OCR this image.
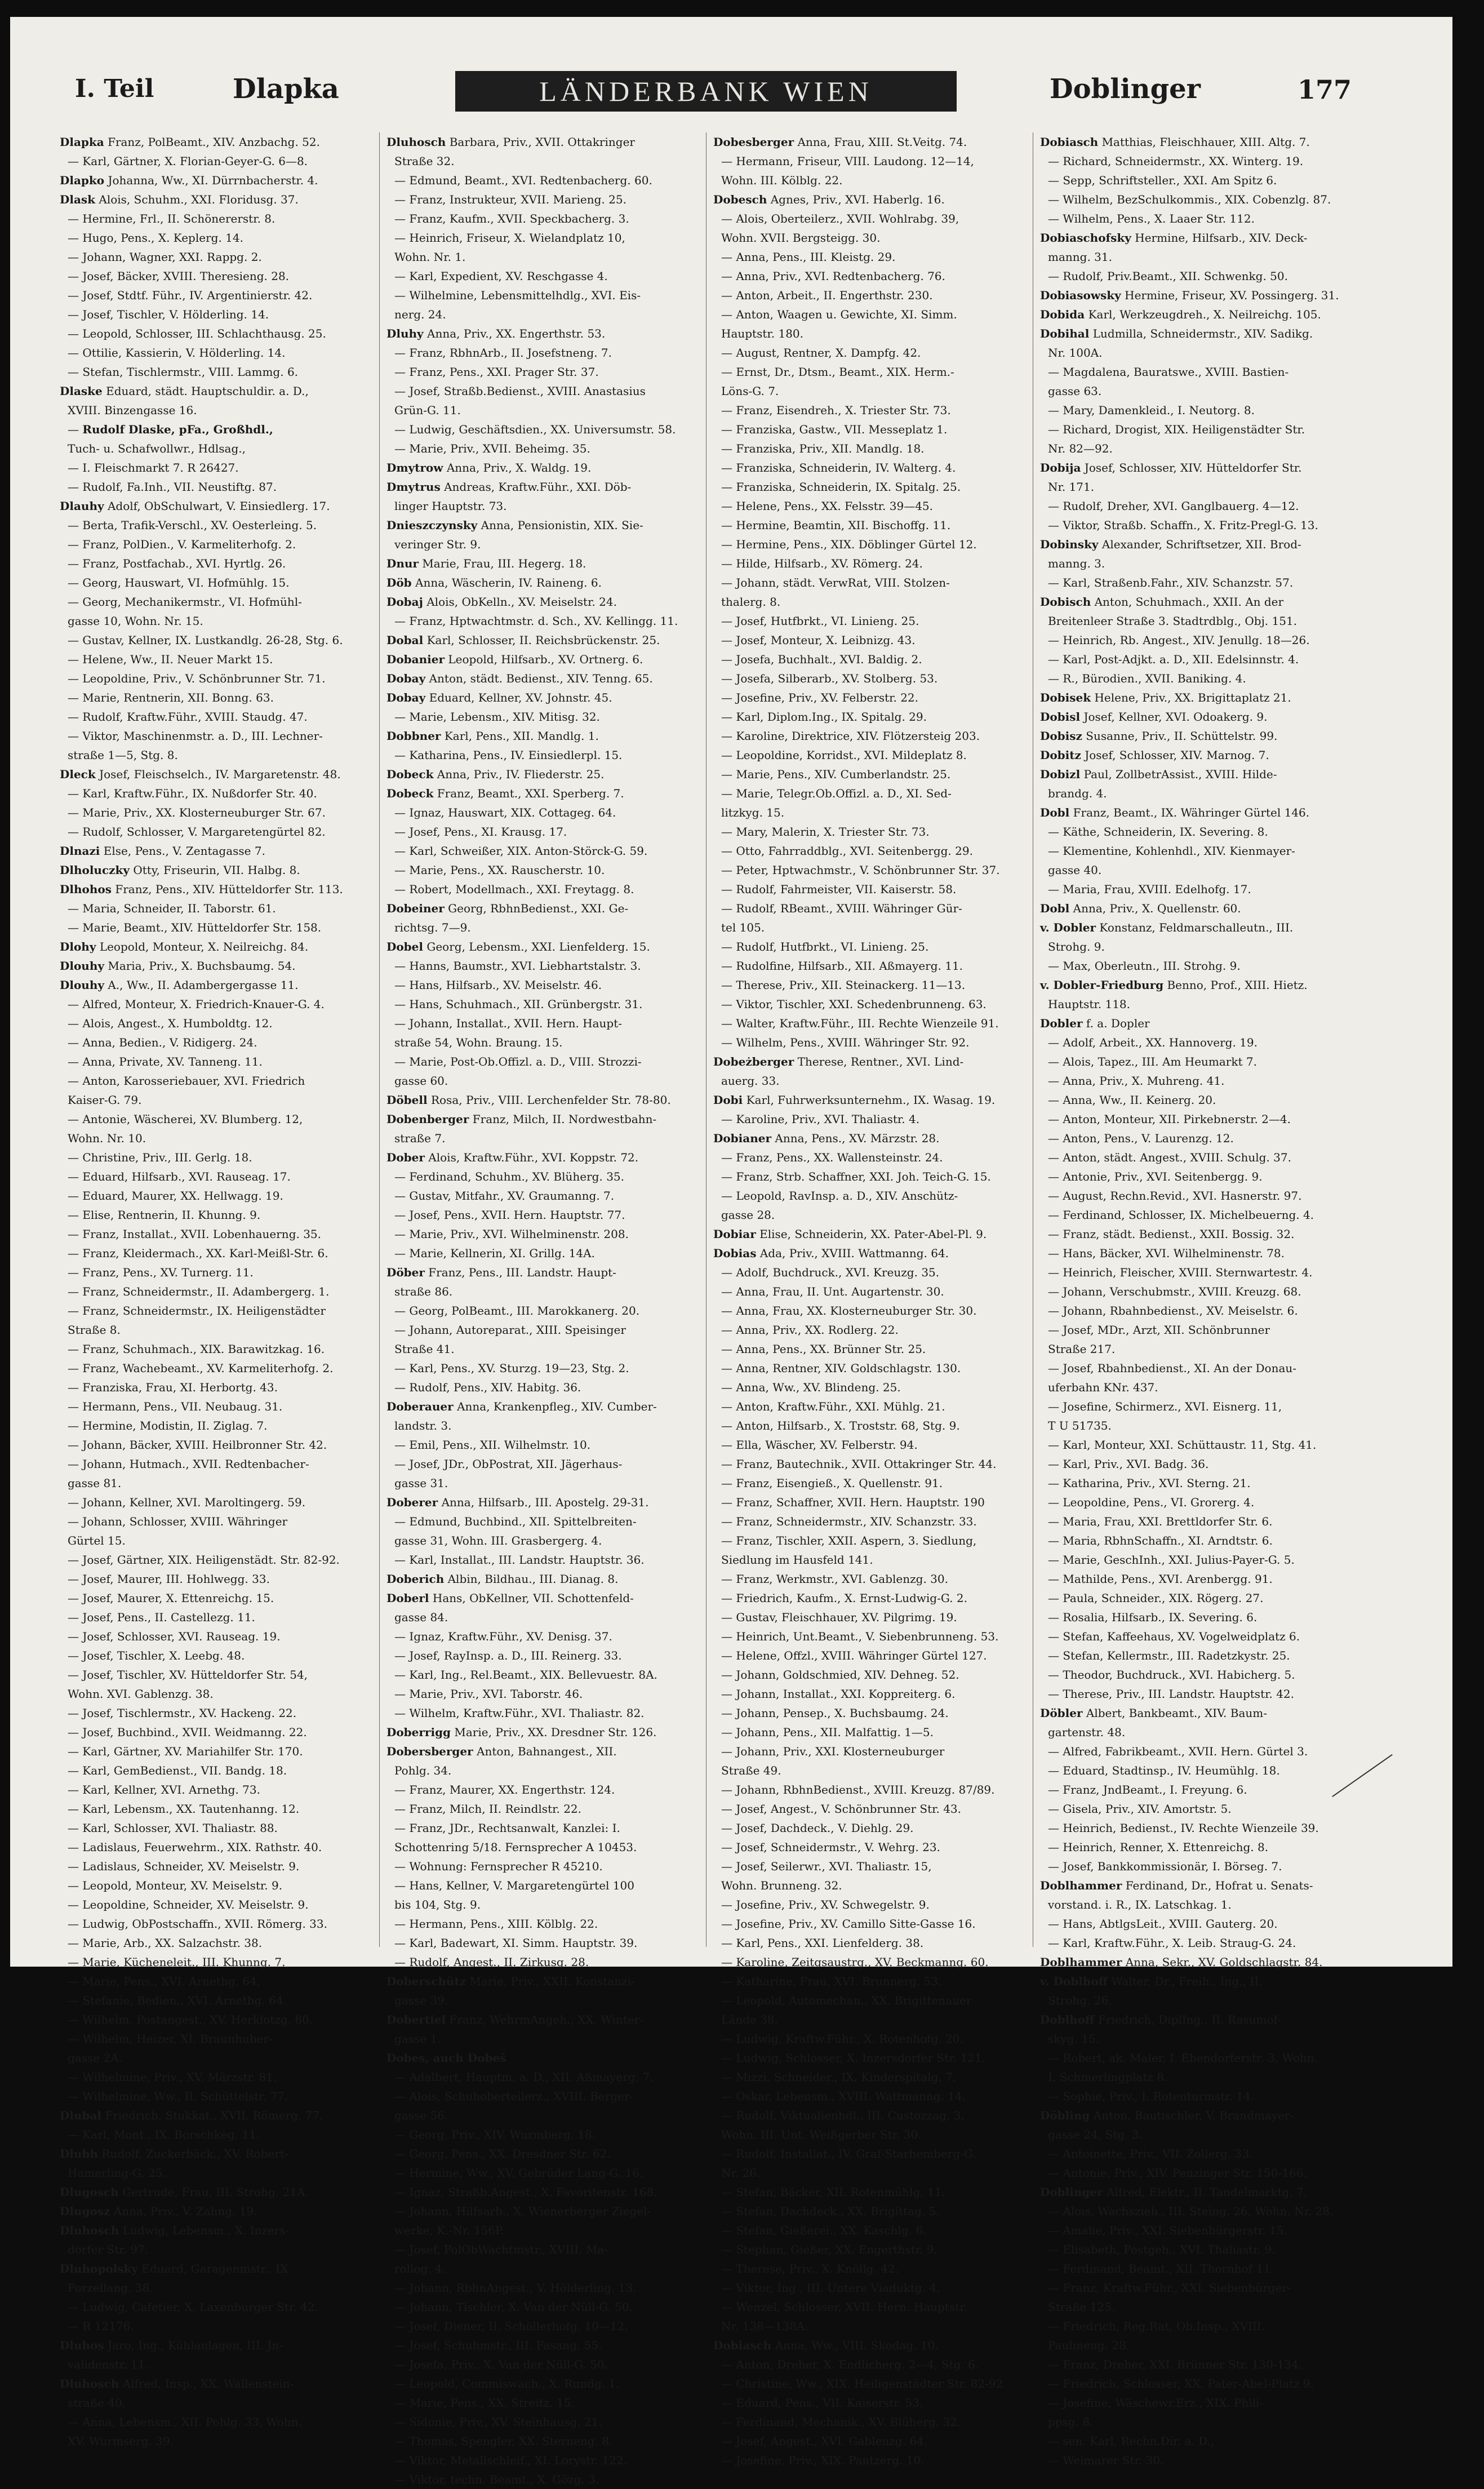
I. Teil	Dlapka	LÄNDERBANK WIEN	Doblinger	177

Dlapka Franz, PolBeamt., XIV. Anzbachg. 52.

— Karl, Gärtner, X. Florian-Geyer-G. 6—8.

Dlapko Johanna, Ww., XI. Dürrnbacherstr. 4.

Dlask Alois, Schuhm., XXI. Floridusg. 37.

— Hermine, Frl., II. Schönererstr. 8.

— Hugo, Pens., X. Keplerg. 14.

— Johann, Wagner, XXI. Rappg. 2.

— Josef, Bäcker, XVIII. Theresieng. 28.

— Josef, Stdtf. Führ., IV. Argentinierstr. 42.

— Josef, Tischler, V. Hölderling. 14.

— Leopold, Schlosser, III. Schlachthausg. 25.

— Ottilie, Kassierin, V. Hölderling. 14.

— Stefan, Tischlermstr., VIII. Lammg. 6.

Dlaske Eduard, städt. Hauptschuldir. a. D.,

XVIII. Binzengasse 16.

— Rudolf Dlaske, pFa., Großhdl.,

Tuch- u. Schafwollwr., Hdlsag.,

— I. Fleischmarkt 7. R 26427.

— Rudolf, Fa.Inh., VII. Neustiftg. 87.

Dlauhy Adolf, ObSchulwart, V. Einsiedlerg. 17.

— Berta, Trafik-Verschl., XV. Oesterleing. 5.

— Franz, PolDien., V. Karmeliterhofg. 2.

— Franz, Postfachab., XVI. Hyrtlg. 26.

— Georg, Hauswart, VI. Hofmühlg. 15.

— Georg, Mechanikermstr., VI. Hofmühl-

gasse 10, Wohn. Nr. 15.

— Gustav, Kellner, IX. Lustkandlg. 26-28, Stg. 6.

— Helene, Ww., II. Neuer Markt 15.

— Leopoldine, Priv., V. Schönbrunner Str. 71.

— Marie, Rentnerin, XII. Bonng. 63.

— Rudolf, Kraftw.Führ., XVIII. Staudg. 47.

— Viktor, Maschinenmstr. a. D., III. Lechner-

straße 1—5, Stg. 8.

Dleck Josef, Fleischselch., IV. Margaretenstr. 48.

— Karl, Kraftw.Führ., IX. Nußdorfer Str. 40.

— Marie, Priv., XX. Klosterneuburger Str. 67.

— Rudolf, Schlosser, V. Margaretengürtel 82.

Dlnazi Else, Pens., V. Zentagasse 7.

Dlholuczky Otty, Friseurin, VII. Halbg. 8.

Dlhohos Franz, Pens., XIV. Hütteldorfer Str. 113.

— Maria, Schneider, II. Taborstr. 61.

— Marie, Beamt., XIV. Hütteldorfer Str. 158.

Dlohy Leopold, Monteur, X. Neilreichg. 84.

Dlouhy Maria, Priv., X. Buchsbaumg. 54.

Dlouhy A., Ww., II. Adambergergasse 11.

— Alfred, Monteur, X. Friedrich-Knauer-G. 4.

— Alois, Angest., X. Humboldtg. 12.

— Anna, Bedien., V. Ridigerg. 24.

— Anna, Private, XV. Tanneng. 11.

— Anton, Karosseriebauer, XVI. Friedrich

Kaiser-G. 79.

— Antonie, Wäscherei, XV. Blumberg. 12,

Wohn. Nr. 10.

— Christine, Priv., III. Gerlg. 18.

— Eduard, Hilfsarb., XVI. Rauseag. 17.

— Eduard, Maurer, XX. Hellwagg. 19.

— Elise, Rentnerin, II. Khunng. 9.

— Franz, Installat., XVII. Lobenhauerng. 35.

— Franz, Kleidermach., XX. Karl-Meißl-Str. 6.

— Franz, Pens., XV. Turnerg. 11.

— Franz, Schneidermstr., II. Adambergerg. 1.

— Franz, Schneidermstr., IX. Heiligenstädter

Straße 8.

— Franz, Schuhmach., XIX. Barawitzkag. 16.

— Franz, Wachebeamt., XV. Karmeliterhofg. 2.

— Franziska, Frau, XI. Herbortg. 43.

— Hermann, Pens., VII. Neubaug. 31.

— Hermine, Modistin, II. Ziglag. 7.

— Johann, Bäcker, XVIII. Heilbronner Str. 42.

— Johann, Hutmach., XVII. Redtenbacher-

gasse 81.

— Johann, Kellner, XVI. Maroltingerg. 59.

— Johann, Schlosser, XVIII. Währinger

Gürtel 15.

— Josef, Gärtner, XIX. Heiligenstädt. Str. 82-92.

— Josef, Maurer, III. Hohlwegg. 33.

— Josef, Maurer, X. Ettenreichg. 15.

— Josef, Pens., II. Castellezg. 11.

— Josef, Schlosser, XVI. Rauseag. 19.

— Josef, Tischler, X. Leebg. 48.

— Josef, Tischler, XV. Hütteldorfer Str. 54,

Wohn. XVI. Gablenzg. 38.

— Josef, Tischlermstr., XV. Hackeng. 22.

— Josef, Buchbind., XVII. Weidmanng. 22.

— Karl, Gärtner, XV. Mariahilfer Str. 170.

— Karl, GemBedienst., VII. Bandg. 18.

— Karl, Kellner, XVI. Arnethg. 73.

— Karl, Lebensm., XX. Tautenhanng. 12.

— Karl, Schlosser, XVI. Thaliastr. 88.

— Ladislaus, Feuerwehrm., XIX. Rathstr. 40.

— Ladislaus, Schneider, XV. Meiselstr. 9.

— Leopold, Monteur, XV. Meiselstr. 9.

— Leopoldine, Schneider, XV. Meiselstr. 9.

— Ludwig, ObPostschaffn., XVII. Römerg. 33.

— Marie, Arb., XX. Salzachstr. 38.

— Marie, Kücheneleit., III. Khunng. 7.

— Marie, Pens., XVI. Arnethg. 64.

— Stefanie, Bedien., XVI. Arnethg. 64.

— Wilhelm, Postangest., XV. Herklotzg. 80.

— Wilhelm, Heizer, XI. Braunhuber-

gasse 2A.

— Wilhelmine, Priv., XV. Märzstr. 81.

— Wilhelmine, Ww., II. Schüttelstr. 77.

Dlubal Friedrich, Stukkat., XVII. Römerg. 77.

— Karl, Mont., IX. Borschkeg. 11.

Dlubh Rudolf, Zuckerbäck., XV. Robert-

Hamerling-G. 25.

Dlugosch Gertrude, Frau, III. Strohg. 21A.

Dlugosz Anna, Priv., V. Zahng. 19.

Dluhosch Ludwig, Lebensm., X. Inzers-

dorfer Str. 97.

Dluhopolsky Eduard, Garagenmstr., IX.

Porzellang. 38.

— Ludwig, Cafetier, X. Laxenburger Str. 42.

— R 12176.

Dluhos Jaro, Ing., Kühlanlagen, III. Jn-

validenstr. 11.

Dluhosch Alfred, Insp., XX. Wallenstein-

straße 40.

— Anna, Lebensm., XII. Pohlg. 33, Wohn.

XV. Wurmserg. 39.

Dluhosch Barbara, Priv., XVII. Ottakringer

Straße 32.

— Edmund, Beamt., XVI. Redtenbacherg. 60.

— Franz, Instrukteur, XVII. Marieng. 25.

— Franz, Kaufm., XVII. Speckbacherg. 3.

— Heinrich, Friseur, X. Wielandplatz 10,

Wohn. Nr. 1.

— Karl, Expedient, XV. Reschgasse 4.

— Wilhelmine, Lebensmittelhdlg., XVI. Eis-

nerg. 24.

Dluhy Anna, Priv., XX. Engerthstr. 53.

— Franz, RbhnArb., II. Josefstneng. 7.

— Franz, Pens., XXI. Prager Str. 37.

— Josef, Straßb.Bedienst., XVIII. Anastasius

Grün-G. 11.

— Ludwig, Geschäftsdien., XX. Universumstr. 58.

— Marie, Priv., XVII. Beheimg. 35.

Dmytrow Anna, Priv., X. Waldg. 19.

Dmytrus Andreas, Kraftw.Führ., XXI. Döb-

linger Hauptstr. 73.

Dnieszczynsky Anna, Pensionistin, XIX. Sie-

veringer Str. 9.

Dnur Marie, Frau, III. Hegerg. 18.

Döb Anna, Wäscherin, IV. Raineng. 6.

Dobaj Alois, ObKelln., XV. Meiselstr. 24.

— Franz, Hptwachtmstr. d. Sch., XV. Kellingg. 11.

Dobal Karl, Schlosser, II. Reichsbrückenstr. 25.

Dobanier Leopold, Hilfsarb., XV. Ortnerg. 6.

Dobay Anton, städt. Bedienst., XIV. Tenng. 65.

Dobay Eduard, Kellner, XV. Johnstr. 45.

— Marie, Lebensm., XIV. Mitisg. 32.

Dobbner Karl, Pens., XII. Mandlg. 1.

— Katharina, Pens., IV. Einsiedlerpl. 15.

Dobeck Anna, Priv., IV. Fliederstr. 25.

Dobeck Franz, Beamt., XXI. Sperberg. 7.

— Ignaz, Hauswart, XIX. Cottageg. 64.

— Josef, Pens., XI. Krausg. 17.

— Karl, Schweißer, XIX. Anton-Störck-G. 59.

— Marie, Pens., XX. Rauscherstr. 10.

— Robert, Modellmach., XXI. Freytagg. 8.

Dobeiner Georg, RbhnBedienst., XXI. Ge-

richtsg. 7—9.

Dobel Georg, Lebensm., XXI. Lienfelderg. 15.

— Hanns, Baumstr., XVI. Liebhartstalstr. 3.

— Hans, Hilfsarb., XV. Meiselstr. 46.

— Hans, Schuhmach., XII. Grünbergstr. 31.

— Johann, Installat., XVII. Hern. Haupt-

straße 54, Wohn. Braung. 15.

— Marie, Post-Ob.Offizl. a. D., VIII. Strozzi-

gasse 60.

Döbell Rosa, Priv., VIII. Lerchenfelder Str. 78-80.

Dobenberger Franz, Milch, II. Nordwestbahn-

straße 7.

Dober Alois, Kraftw.Führ., XVI. Koppstr. 72.

— Ferdinand, Schuhm., XV. Blüherg. 35.

— Gustav, Mitfahr., XV. Graumanng. 7.

— Josef, Pens., XVII. Hern. Hauptstr. 77.

— Marie, Priv., XVI. Wilhelminenstr. 208.

— Marie, Kellnerin, XI. Grillg. 14A.

Döber Franz, Pens., III. Landstr. Haupt-

straße 86.

— Georg, PolBeamt., III. Marokkanerg. 20.

— Johann, Autoreparat., XIII. Speisinger

Straße 41.

— Karl, Pens., XV. Sturzg. 19—23, Stg. 2.

— Rudolf, Pens., XIV. Habitg. 36.

Doberauer Anna, Krankenpfleg., XIV. Cumber-

landstr. 3.

— Emil, Pens., XII. Wilhelmstr. 10.

— Josef, JDr., ObPostrat, XII. Jägerhaus-

gasse 31.

Doberer Anna, Hilfsarb., III. Apostelg. 29-31.

— Edmund, Buchbind., XII. Spittelbreiten-

gasse 31, Wohn. III. Grasbergerg. 4.

— Karl, Installat., III. Landstr. Hauptstr. 36.

Doberich Albin, Bildhau., III. Dianag. 8.

Doberl Hans, ObKellner, VII. Schottenfeld-

gasse 84.

— Ignaz, Kraftw.Führ., XV. Denisg. 37.

— Josef, RayInsp. a. D., III. Reinerg. 33.

— Karl, Ing., Rel.Beamt., XIX. Bellevuestr. 8A.

— Marie, Priv., XVI. Taborstr. 46.

— Wilhelm, Kraftw.Führ., XVI. Thaliastr. 82.

Doberrigg Marie, Priv., XX. Dresdner Str. 126.

Dobersberger Anton, Bahnangest., XII.

Pohlg. 34.

— Franz, Maurer, XX. Engerthstr. 124.

— Franz, Milch, II. Reindlstr. 22.

— Franz, JDr., Rechtsanwalt, Kanzlei: I.

Schottenring 5/18. Fernsprecher A 10453.

— Wohnung: Fernsprecher R 45210.

— Hans, Kellner, V. Margaretengürtel 100

bis 104, Stg. 9.

— Hermann, Pens., XIII. Kölblg. 22.

— Karl, Badewart, XI. Simm. Hauptstr. 39.

— Rudolf, Angest., II. Zirkusg. 28.

Doberschütz Marie, Priv., XXII. Konstanzi-

gasse 39.

Dobertiel Franz, WehrmAngeh., XX. Winter-

gasse 1.

Dobes, auch Dobeš

— Adalbert, Hauptm. a. D., XII. Aßmayerg. 7.

— Alois, Schuhoberteilerz., XVIII. Berger-

gasse 56.

— Georg, Priv., XIV. Wurmberg. 18.

— Georg, Pens., XX. Dresdner Str. 62.

— Hermine, Ww., XV. Gebrüder Lang-G. 16.

— Ignaz, Straßb.Angest., X. Favoritenstr. 168.

— Johann, Hilfsarb., X. Wienerberger Ziegel-

werke, K.-Nr. 156P.

— Josef, PolObWachtmstr., XVIII. Ma-

rollog. 4.

— Johann, RbhnAngest., V. Hölderling. 13.

— Johann, Tischler, X. Van der Nüll-G. 50.

— Josef, Diener, II. Schöllerhofg. 10—12.

— Josef, Schuhmstr., III. Fasang. 55.

— Josefa, Priv., X. Van der Nüll-G. 50.

— Leopold, Commiswach., X. Rundg. 1.

— Marie, Pens., XX. Streitz. 15.

— Sidonie, Priv., XV. Steinhausg. 21.

— Thomas, Spengler, XX. Sterneng. 8.

— Viktor, Metallschleif., XI. Lorystr. 122.

— Viktor, techn. Beamt., X. Gözg. 3.

Dobesberger Anna, Frau, XIII. St.Veitg. 74.

— Hermann, Friseur, VIII. Laudong. 12—14,

Wohn. III. Kölblg. 22.

Dobesch Agnes, Priv., XVI. Haberlg. 16.

— Alois, Oberteilerz., XVII. Wohlrabg. 39,

Wohn. XVII. Bergsteigg. 30.

— Anna, Pens., III. Kleistg. 29.

— Anna, Priv., XVI. Redtenbacherg. 76.

— Anton, Arbeit., II. Engerthstr. 230.

— Anton, Waagen u. Gewichte, XI. Simm.

Hauptstr. 180.

— August, Rentner, X. Dampfg. 42.

— Ernst, Dr., Dtsm., Beamt., XIX. Herm.-

Löns-G. 7.

— Franz, Eisendreh., X. Triester Str. 73.

— Franziska, Gastw., VII. Messeplatz 1.

— Franziska, Priv., XII. Mandlg. 18.

— Franziska, Schneiderin, IV. Walterg. 4.

— Franziska, Schneiderin, IX. Spitalg. 25.

— Helene, Pens., XX. Felsstr. 39—45.

— Hermine, Beamtin, XII. Bischoffg. 11.

— Hermine, Pens., XIX. Döblinger Gürtel 12.

— Hilde, Hilfsarb., XV. Römerg. 24.

— Johann, städt. VerwRat, VIII. Stolzen-

thalerg. 8.

— Josef, Hutfbrkt., VI. Linieng. 25.

— Josef, Monteur, X. Leibnizg. 43.

— Josefa, Buchhalt., XVI. Baldig. 2.

— Josefa, Silberarb., XV. Stolberg. 53.

— Josefine, Priv., XV. Felberstr. 22.

— Karl, Diplom.Ing., IX. Spitalg. 29.

— Karoline, Direktrice, XIV. Flötzersteig 203.

— Leopoldine, Korridst., XVI. Mildeplatz 8.

— Marie, Pens., XIV. Cumberlandstr. 25.

— Marie, Telegr.Ob.Offizl. a. D., XI. Sed-

litzkyg. 15.

— Mary, Malerin, X. Triester Str. 73.

— Otto, Fahrraddblg., XVI. Seitenbergg. 29.

— Peter, Hptwachmstr., V. Schönbrunner Str. 37.

— Rudolf, Fahrmeister, VII. Kaiserstr. 58.

— Rudolf, RBeamt., XVIII. Währinger Gür-

tel 105.

— Rudolf, Hutfbrkt., VI. Linieng. 25.

— Rudolfine, Hilfsarb., XII. Aßmayerg. 11.

— Therese, Priv., XII. Steinackerg. 11—13.

— Viktor, Tischler, XXI. Schedenbrunneng. 63.

— Walter, Kraftw.Führ., III. Rechte Wienzeile 91.

— Wilhelm, Pens., XVIII. Währinger Str. 92.

Dobeżberger Therese, Rentner., XVI. Lind-

auerg. 33.

Dobi Karl, Fuhrwerksunternehm., IX. Wasag. 19.

— Karoline, Priv., XVI. Thaliastr. 4.

Dobianer Anna, Pens., XV. Märzstr. 28.

— Franz, Pens., XX. Wallensteinstr. 24.

— Franz, Strb. Schaffner, XXI. Joh. Teich-G. 15.

— Leopold, RavInsp. a. D., XIV. Anschütz-

gasse 28.

Dobiar Elise, Schneiderin, XX. Pater-Abel-Pl. 9.

Dobias Ada, Priv., XVIII. Wattmanng. 64.

— Adolf, Buchdruck., XVI. Kreuzg. 35.

— Anna, Frau, II. Unt. Augartenstr. 30.

— Anna, Frau, XX. Klosterneuburger Str. 30.

— Anna, Priv., XX. Rodlerg. 22.

— Anna, Pens., XX. Brünner Str. 25.

— Anna, Rentner, XIV. Goldschlagstr. 130.

— Anna, Ww., XV. Blindeng. 25.

— Anton, Kraftw.Führ., XXI. Mühlg. 21.

— Anton, Hilfsarb., X. Troststr. 68, Stg. 9.

— Ella, Wäscher, XV. Felberstr. 94.

— Franz, Bautechnik., XVII. Ottakringer Str. 44.

— Franz, Eisengieß., X. Quellenstr. 91.

— Franz, Schaffner, XVII. Hern. Hauptstr. 190

— Franz, Schneidermstr., XIV. Schanzstr. 33.

— Franz, Tischler, XXII. Aspern, 3. Siedlung,

Siedlung im Hausfeld 141.

— Franz, Werkmstr., XVI. Gablenzg. 30.

— Friedrich, Kaufm., X. Ernst-Ludwig-G. 2.

— Gustav, Fleischhauer, XV. Pilgrimg. 19.

— Heinrich, Unt.Beamt., V. Siebenbrunneng. 53.

— Helene, Offzl., XVIII. Währinger Gürtel 127.

— Johann, Goldschmied, XIV. Dehneg. 52.

— Johann, Installat., XXI. Koppreiterg. 6.

— Johann, Pensep., X. Buchsbaumg. 24.

— Johann, Pens., XII. Malfattig. 1—5.

— Johann, Priv., XXI. Klosterneuburger

Straße 49.

— Johann, RbhnBedienst., XVIII. Kreuzg. 87/89.

— Josef, Angest., V. Schönbrunner Str. 43.

— Josef, Dachdeck., V. Diehlg. 29.

— Josef, Schneidermstr., V. Wehrg. 23.

— Josef, Seilerwr., XVI. Thaliastr. 15,

Wohn. Brunneng. 32.

— Josefine, Priv., XV. Schwegelstr. 9.

— Josefine, Priv., XV. Camillo Sitte-Gasse 16.

— Karl, Pens., XXI. Lienfelderg. 38.

— Karoline, Zeitgsaustrg., XV. Beckmanng. 60.

— Katharine, Frau, XVI. Brunnerg. 53.

— Leopold, Automechan., XX. Brigittenauer

Lände 38.

— Ludwig, Kraftw.Führ., X. Rotenhofg. 20.

— Ludwig, Schlosser, X. Inzersdorfer Str. 121.

— Mizzi, Schneider., IX. Kinderspitalg. 7.

— Oskar, Lebensm., XVIII. Wattmanng. 14.

— Rudolf, Viktualienhdl., III. Custozzag. 3,

Wohn. III. Unt. Weißgerber Str. 30.

— Rudolf, Installat., IV. Graf-Starhemberg-G.

Nr. 26.

— Stefan, Bäcker, XII. Rotenmühlg. 11.

— Stefan, Dachdeck., XX. Brigittag. 5.

— Stefan, Gießerei., XX. Kaschlg. 6.

— Stephan, Gießer, XX. Engerthstr. 9.

— Therese, Priv., X. Knöllg. 42.

— Viktor, Ing., III. Untere Viaduktg. 4.

— Wenzel, Schlosser, XVII. Hern. Hauptstr.

Nr. 138—138A.

Dobiasch Anna, Ww., VIII. Skodag. 10.

— Anton, Dreher, X. Endlicherg. 2—4, Stg. 6.

— Christine, Ww., XIX. Heiligenstädter Str. 82-92

— Eduard, Pens., VII. Kaiserstr. 53.

— Ferdinand, Mechanik., XV. Blüherg. 32.

— Josef, Angest., XVI. Gablenzg. 64.

— Josefine, Priv., XIX. Pantzerg. 10.

Dobiasch Matthias, Fleischhauer, XIII. Altg. 7.

— Richard, Schneidermstr., XX. Winterg. 19.

— Sepp, Schriftsteller., XXI. Am Spitz 6.

— Wilhelm, BezSchulkommis., XIX. Cobenzlg. 87.

— Wilhelm, Pens., X. Laaer Str. 112.

Dobiaschofsky Hermine, Hilfsarb., XIV. Deck-

manng. 31.

— Rudolf, Priv.Beamt., XII. Schwenkg. 50.

Dobiasowsky Hermine, Friseur, XV. Possingerg. 31.

Dobida Karl, Werkzeugdreh., X. Neilreichg. 105.

Dobihal Ludmilla, Schneidermstr., XIV. Sadikg.

Nr. 100A.

— Magdalena, Bauratswe., XVIII. Bastien-

gasse 63.

— Mary, Damenkleid., I. Neutorg. 8.

— Richard, Drogist, XIX. Heiligenstädter Str.

Nr. 82—92.

Dobija Josef, Schlosser, XIV. Hütteldorfer Str.

Nr. 171.

— Rudolf, Dreher, XVI. Ganglbauerg. 4—12.

— Viktor, Straßb. Schaffn., X. Fritz-Pregl-G. 13.

Dobinsky Alexander, Schriftsetzer, XII. Brod-

manng. 3.

— Karl, Straßenb.Fahr., XIV. Schanzstr. 57.

Dobisch Anton, Schuhmach., XXII. An der

Breitenleer Straße 3. Stadtrdblg., Obj. 151.

— Heinrich, Rb. Angest., XIV. Jenullg. 18—26.

— Karl, Post-Adjkt. a. D., XII. Edelsinnstr. 4.

— R., Bürodien., XVII. Baniking. 4.

Dobisek Helene, Priv., XX. Brigittaplatz 21.

Dobisl Josef, Kellner, XVI. Odoakerg. 9.

Dobisz Susanne, Priv., II. Schüttelstr. 99.

Dobitz Josef, Schlosser, XIV. Marnog. 7.

Dobizl Paul, ZollbetrAssist., XVIII. Hilde-

brandg. 4.

Dobl Franz, Beamt., IX. Währinger Gürtel 146.

— Käthe, Schneiderin, IX. Severing. 8.

— Klementine, Kohlenhdl., XIV. Kienmayer-

gasse 40.

— Maria, Frau, XVIII. Edelhofg. 17.

Dobl Anna, Priv., X. Quellenstr. 60.

v. Dobler Konstanz, Feldmarschalleutn., III.

Strohg. 9.

— Max, Oberleutn., III. Strohg. 9.

v. Dobler-Friedburg Benno, Prof., XIII. Hietz.

Hauptstr. 118.

Dobler f. a. Dopler

— Adolf, Arbeit., XX. Hannoverg. 19.

— Alois, Tapez., III. Am Heumarkt 7.

— Anna, Priv., X. Muhreng. 41.

— Anna, Ww., II. Keinerg. 20.

— Anton, Monteur, XII. Pirkebnerstr. 2—4.

— Anton, Pens., V. Laurenzg. 12.

— Anton, städt. Angest., XVIII. Schulg. 37.

— Antonie, Priv., XVI. Seitenbergg. 9.

— August, Rechn.Revid., XVI. Hasnerstr. 97.

— Ferdinand, Schlosser, IX. Michelbeuerng. 4.

— Franz, städt. Bedienst., XXII. Bossig. 32.

— Hans, Bäcker, XVI. Wilhelminenstr. 78.

— Heinrich, Fleischer, XVIII. Sternwartestr. 4.

— Johann, Verschubmstr., XVIII. Kreuzg. 68.

— Johann, Rbahnbedienst., XV. Meiselstr. 6.

— Josef, MDr., Arzt, XII. Schönbrunner

Straße 217.

— Josef, Rbahnbedienst., XI. An der Donau-

uferbahn KNr. 437.

— Josefine, Schirmerz., XVI. Eisnerg. 11,

T U 51735.

— Karl, Monteur, XXI. Schüttaustr. 11, Stg. 41.

— Karl, Priv., XVI. Badg. 36.

— Katharina, Priv., XVI. Sterng. 21.

— Leopoldine, Pens., VI. Grorerg. 4.

— Maria, Frau, XXI. Brettldorfer Str. 6.

— Maria, RbhnSchaffn., XI. Arndtstr. 6.

— Marie, GeschInh., XXI. Julius-Payer-G. 5.

— Mathilde, Pens., XVI. Arenbergg. 91.

— Paula, Schneider., XIX. Rögerg. 27.

— Rosalia, Hilfsarb., IX. Severing. 6.

— Stefan, Kaffeehaus, XV. Vogelweidplatz 6.

— Stefan, Kellermstr., III. Radetzkystr. 25.

— Theodor, Buchdruck., XVI. Habicherg. 5.

— Therese, Priv., III. Landstr. Hauptstr. 42.

Döbler Albert, Bankbeamt., XIV. Baum-

gartenstr. 48.

— Alfred, Fabrikbeamt., XVII. Hern. Gürtel 3.

— Eduard, Stadtinsp., IV. Heumühlg. 18.

— Franz, JndBeamt., I. Freyung. 6.

— Gisela, Priv., XIV. Amortstr. 5.

— Heinrich, Bedienst., IV. Rechte Wienzeile 39.

— Heinrich, Renner, X. Ettenreichg. 8.

— Josef, Bankkommissionär, I. Börseg. 7.

Doblhammer Ferdinand, Dr., Hofrat u. Senats-

vorstand. i. R., IX. Latschkag. 1.

— Hans, AbtlgsLeit., XVIII. Gauterg. 20.

— Karl, Kraftw.Führ., X. Leib. Straug-G. 24.

Doblhammer Anna, Sekr., XV. Goldschlagstr. 84.

v. Doblhoff Walter, Dr., Freih., Ing., II.

Strohg. 26.

Doblhoff Friedrich, DiplIng., II. Rasumof-

skyg. 15.

— Robert, ak. Maler, I. Ebendorferstr. 3, Wohn.

I. Schmerlingplatz 8.

— Sophie, Priv., I. Rotenturmstr. 14.

Döbling Anton, Bautischler, V. Brandmayer-

gasse 24, Stg. 3.

— Antoinette, Priv., VII. Zollerg. 33.

— Antonie, Priv., XIV. Penzinger Str. 150-166.

Doblinger Alfred, Elektr., II. Tandelmarktg. 7.

— Alois, Wachszieh., III. Steing. 26, Wohn. Nr. 28.

— Amalie, Priv., XXI. Siebenbürgerstr. 15.

— Elisabeth, Postgeh., XVI. Thaliastr. 9.

— Ferdinand, Beamt., XII. Thornhof 11.

— Franz, Kraftw.Führ., XXI. Siebenbürger-

Straße 125.

— Friedrich, Reg.Rat, Ob.Insp., XVIII.

Paulineng. 28.

— Franz, Dreher, XXI. Brünner Str. 130-134.

— Friedrich, Schlosser, XX. Pater-Abel-Platz 9.

— Josefine, Wäschewr.Erz., XIX. Phili-

ppsg. 8.

— sen. Karl, Rechn.Dir. a. D.,

— Weimarer Str. 30.
